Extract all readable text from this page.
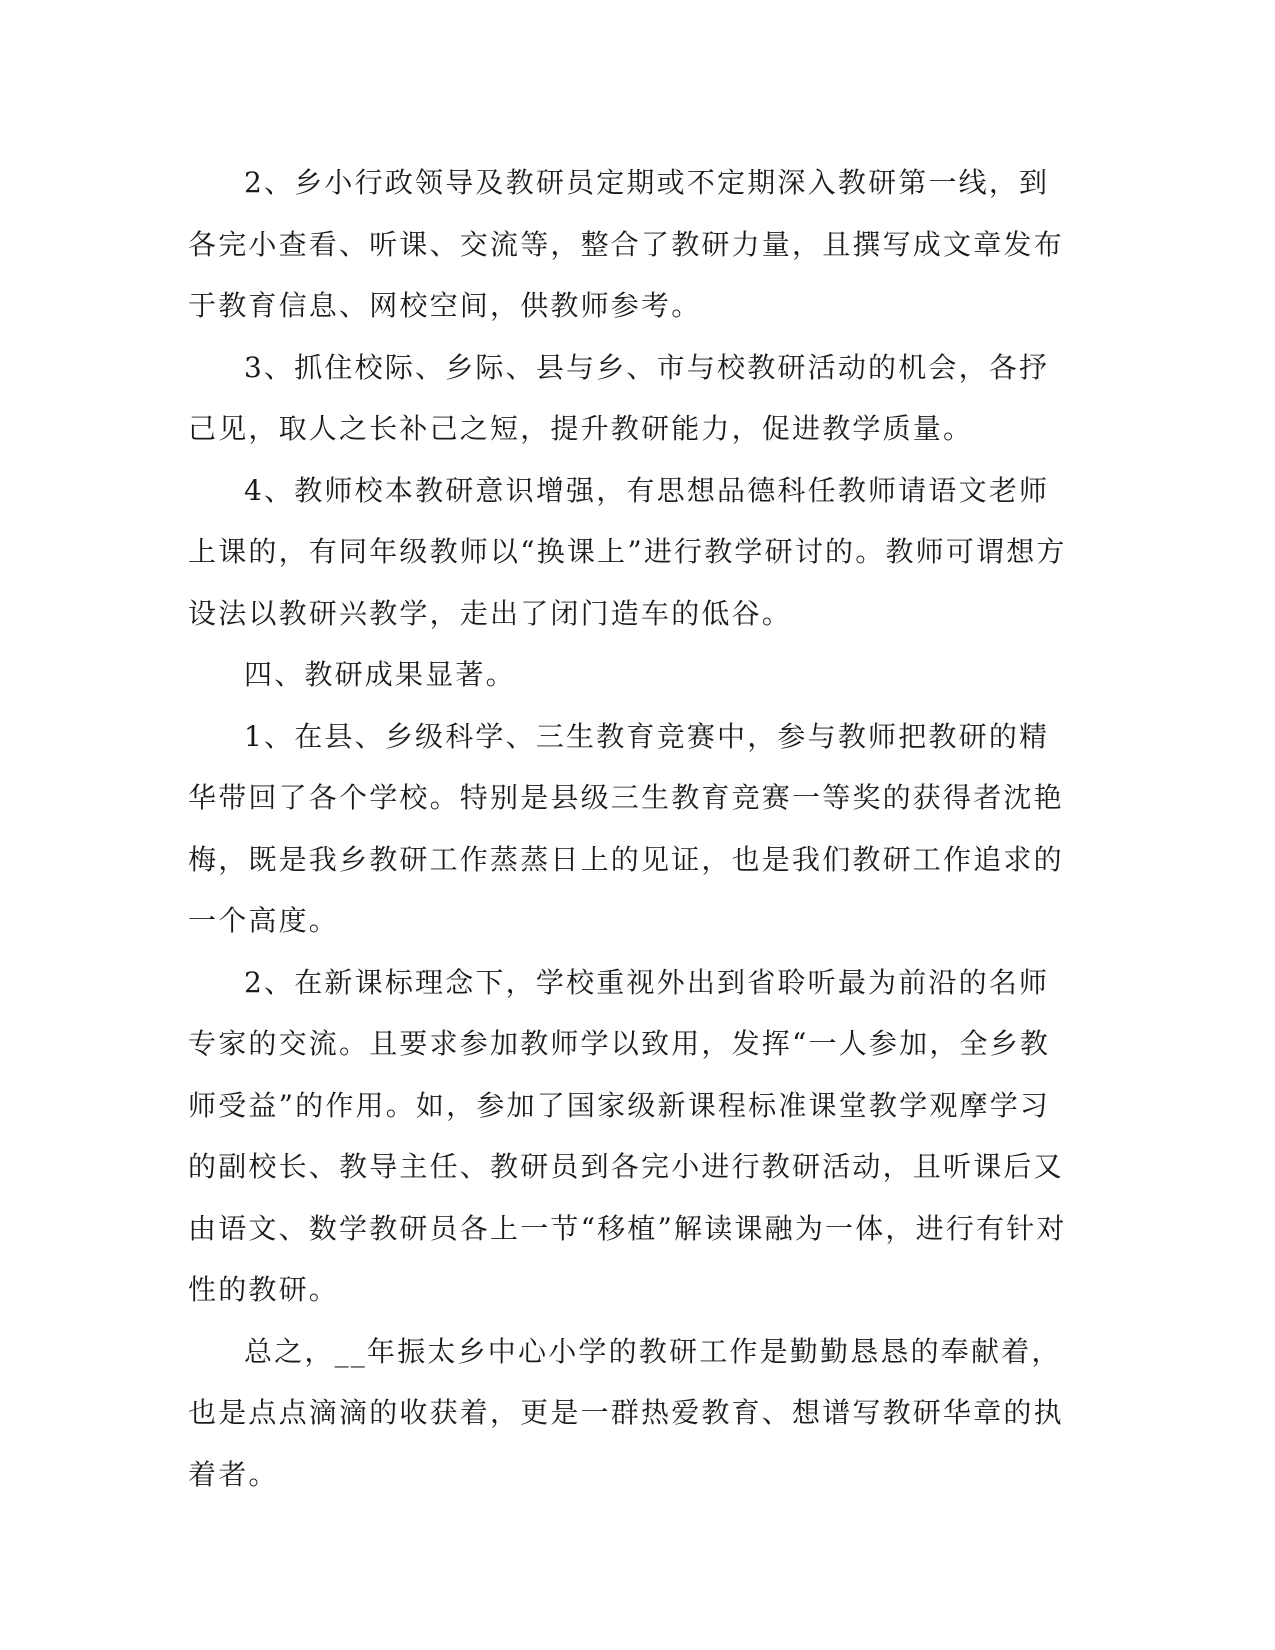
2、乡小行政领导及教研员定期或不定期深入教研第一线，到各完小查看、听课、交流等，整合了教研力量，且撰写成文章发布于教育信息、网校空间，供教师参考。

3、抓住校际、乡际、县与乡、市与校教研活动的机会，各抒己见，取人之长补己之短，提升教研能力，促进教学质量。

4、教师校本教研意识增强，有思想品德科任教师请语文老师上课的，有同年级教师以“换课上”进行教学研讨的。教师可谓想方设法以教研兴教学，走出了闭门造车的低谷。

四、教研成果显著。

1、在县、乡级科学、三生教育竞赛中，参与教师把教研的精华带回了各个学校。特别是县级三生教育竞赛一等奖的获得者沈艳梅，既是我乡教研工作蒸蒸日上的见证，也是我们教研工作追求的一个高度。

2、在新课标理念下，学校重视外出到省聆听最为前沿的名师专家的交流。且要求参加教师学以致用，发挥“一人参加，全乡教师受益”的作用。如，参加了国家级新课程标准课堂教学观摩学习的副校长、教导主任、教研员到各完小进行教研活动，且听课后又由语文、数学教研员各上一节“移植”解读课融为一体，进行有针对性的教研。

总之，__年振太乡中心小学的教研工作是勤勤恳恳的奉献着，也是点点滴滴的收获着，更是一群热爱教育、想谱写教研华章的执着者。
